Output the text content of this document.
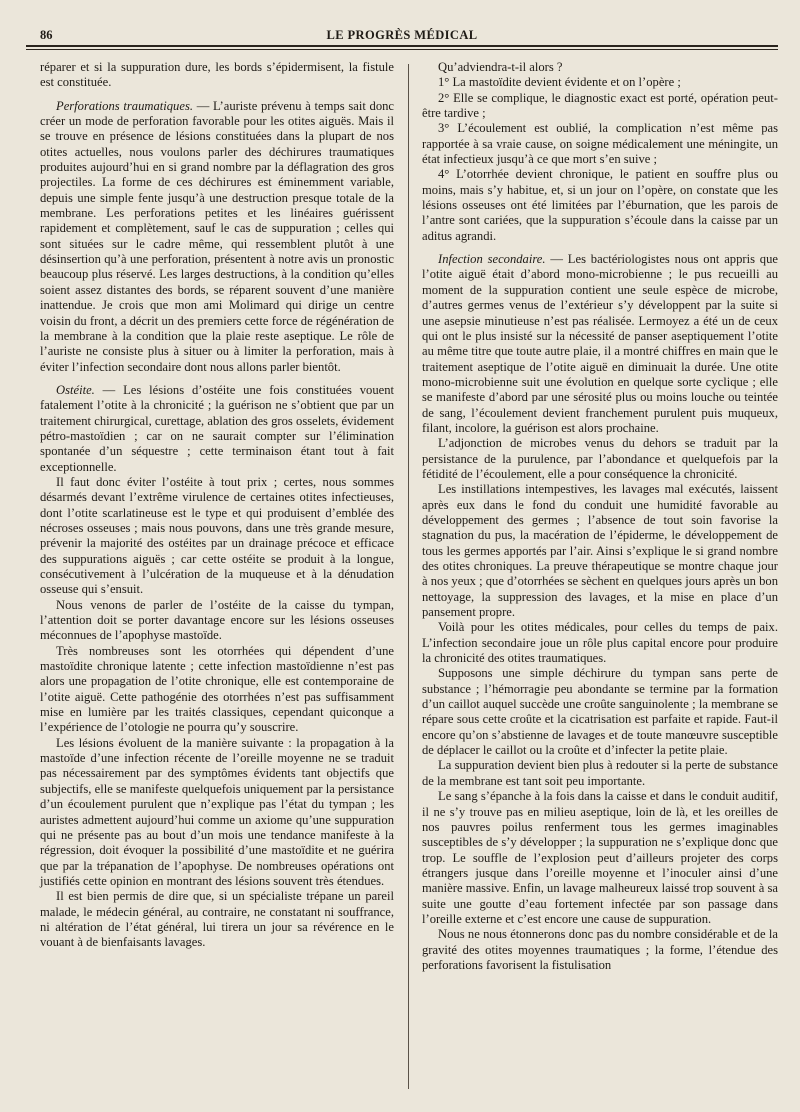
86	LE PROGRÈS MÉDICAL

réparer et si la suppuration dure, les bords s’épidermisent, la fistule est constituée.

Perforations traumatiques. — L’auriste prévenu à temps sait donc créer un mode de perforation favorable pour les otites aiguës. Mais il se trouve en présence de lésions constituées dans la plupart de nos otites actuelles, nous voulons parler des déchirures traumatiques produites aujourd’hui en si grand nombre par la déflagration des gros projectiles. La forme de ces déchirures est éminemment variable, depuis une simple fente jusqu’à une destruction presque totale de la membrane. Les perforations petites et les linéaires guérissent rapidement et complètement, sauf le cas de suppuration ; celles qui sont situées sur le cadre même, qui ressemblent plutôt à une désinsertion qu’à une perforation, présentent à notre avis un pronostic beaucoup plus réservé. Les larges destructions, à la condition qu’elles soient assez distantes des bords, se réparent souvent d’une manière inattendue. Je crois que mon ami Molimard qui dirige un centre voisin du front, a décrit un des premiers cette force de régénération de la membrane à la condition que la plaie reste aseptique. Le rôle de l’auriste ne consiste plus à situer ou à limiter la perforation, mais à éviter l’infection secondaire dont nous allons parler bientôt.

Ostéite. — Les lésions d’ostéite une fois constituées vouent fatalement l’otite à la chronicité ; la guérison ne s’obtient que par un traitement chirurgical, curettage, ablation des gros osselets, évidement pétro-mastoïdien ; car on ne saurait compter sur l’élimination spontanée d’un séquestre ; cette terminaison étant tout à fait exceptionnelle.

Il faut donc éviter l’ostéite à tout prix ; certes, nous sommes désarmés devant l’extrême virulence de certaines otites infectieuses, dont l’otite scarlatineuse est le type et qui produisent d’emblée des nécroses osseuses ; mais nous pouvons, dans une très grande mesure, prévenir la majorité des ostéites par un drainage précoce et efficace des suppurations aiguës ; car cette ostéite se produit à la longue, consécutivement à l’ulcération de la muqueuse et à la dénudation osseuse qui s’ensuit.

Nous venons de parler de l’ostéite de la caisse du tympan, l’attention doit se porter davantage encore sur les lésions osseuses méconnues de l’apophyse mastoïde.

Très nombreuses sont les otorrhées qui dépendent d’une mastoïdite chronique latente ; cette infection mastoïdienne n’est pas alors une propagation de l’otite chronique, elle est contemporaine de l’otite aiguë. Cette pathogénie des otorrhées n’est pas suffisamment mise en lumière par les traités classiques, cependant quiconque a l’expérience de l’otologie ne pourra qu’y souscrire.

Les lésions évoluent de la manière suivante : la propagation à la mastoïde d’une infection récente de l’oreille moyenne ne se traduit pas nécessairement par des symptômes évidents tant objectifs que subjectifs, elle se manifeste quelquefois uniquement par la persistance d’un écoulement purulent que n’explique pas l’état du tympan ; les auristes admettent aujourd’hui comme un axiome qu’une suppuration qui ne présente pas au bout d’un mois une tendance manifeste à la régression, doit évoquer la possibilité d’une mastoïdite et ne guérira que par la trépanation de l’apophyse. De nombreuses opérations ont justifiés cette opinion en montrant des lésions souvent très étendues.

Il est bien permis de dire que, si un spécialiste trépane un pareil malade, le médecin général, au contraire, ne constatant ni souffrance, ni altération de l’état général, lui tirera un jour sa révérence en le vouant à de bienfaisants lavages.

Qu’adviendra-t-il alors ?

1° La mastoïdite devient évidente et on l’opère ;

2° Elle se complique, le diagnostic exact est porté, opération peut-être tardive ;

3° L’écoulement est oublié, la complication n’est même pas rapportée à sa vraie cause, on soigne médicalement une méningite, un état infectieux jusqu’à ce que mort s’en suive ;

4° L’otorrhée devient chronique, le patient en souffre plus ou moins, mais s’y habitue, et, si un jour on l’opère, on constate que les lésions osseuses ont été limitées par l’éburnation, que les parois de l’antre sont cariées, que la suppuration s’écoule dans la caisse par un aditus agrandi.

Infection secondaire. — Les bactériologistes nous ont appris que l’otite aiguë était d’abord mono-microbienne ; le pus recueilli au moment de la suppuration contient une seule espèce de microbe, d’autres germes venus de l’extérieur s’y développent par la suite si une asepsie minutieuse n’est pas réalisée. Lermoyez a été un de ceux qui ont le plus insisté sur la nécessité de panser aseptiquement l’otite au même titre que toute autre plaie, il a montré chiffres en main que le traitement aseptique de l’otite aiguë en diminuait la durée. Une otite mono-microbienne suit une évolution en quelque sorte cyclique ; elle se manifeste d’abord par une sérosité plus ou moins louche ou teintée de sang, l’écoulement devient franchement purulent puis muqueux, filant, incolore, la guérison est alors prochaine.

L’adjonction de microbes venus du dehors se traduit par la persistance de la purulence, par l’abondance et quelquefois par la fétidité de l’écoulement, elle a pour conséquence la chronicité.

Les instillations intempestives, les lavages mal exécutés, laissent après eux dans le fond du conduit une humidité favorable au développement des germes ; l’absence de tout soin favorise la stagnation du pus, la macération de l’épiderme, le développement de tous les germes apportés par l’air. Ainsi s’explique le si grand nombre des otites chroniques. La preuve thérapeutique se montre chaque jour à nos yeux ; que d’otorrhées se sèchent en quelques jours après un bon nettoyage, la suppression des lavages, et la mise en place d’un pansement propre.

Voilà pour les otites médicales, pour celles du temps de paix. L’infection secondaire joue un rôle plus capital encore pour produire la chronicité des otites traumatiques.

Supposons une simple déchirure du tympan sans perte de substance ; l’hémorragie peu abondante se termine par la formation d’un caillot auquel succède une croûte sanguinolente ; la membrane se répare sous cette croûte et la cicatrisation est parfaite et rapide. Faut-il encore qu’on s’abstienne de lavages et de toute manœuvre susceptible de déplacer le caillot ou la croûte et d’infecter la petite plaie.

La suppuration devient bien plus à redouter si la perte de substance de la membrane est tant soit peu importante.

Le sang s’épanche à la fois dans la caisse et dans le conduit auditif, il ne s’y trouve pas en milieu aseptique, loin de là, et les oreilles de nos pauvres poilus renferment tous les germes imaginables susceptibles de s’y développer ; la suppuration ne s’explique donc que trop. Le souffle de l’explosion peut d’ailleurs projeter des corps étrangers jusque dans l’oreille moyenne et l’inoculer ainsi d’une manière massive. Enfin, un lavage malheureux laissé trop souvent à sa suite une goutte d’eau fortement infectée par son passage dans l’oreille externe et c’est encore une cause de suppuration.

Nous ne nous étonnerons donc pas du nombre considérable et de la gravité des otites moyennes traumatiques ; la forme, l’étendue des perforations favorisent la fistulisation
